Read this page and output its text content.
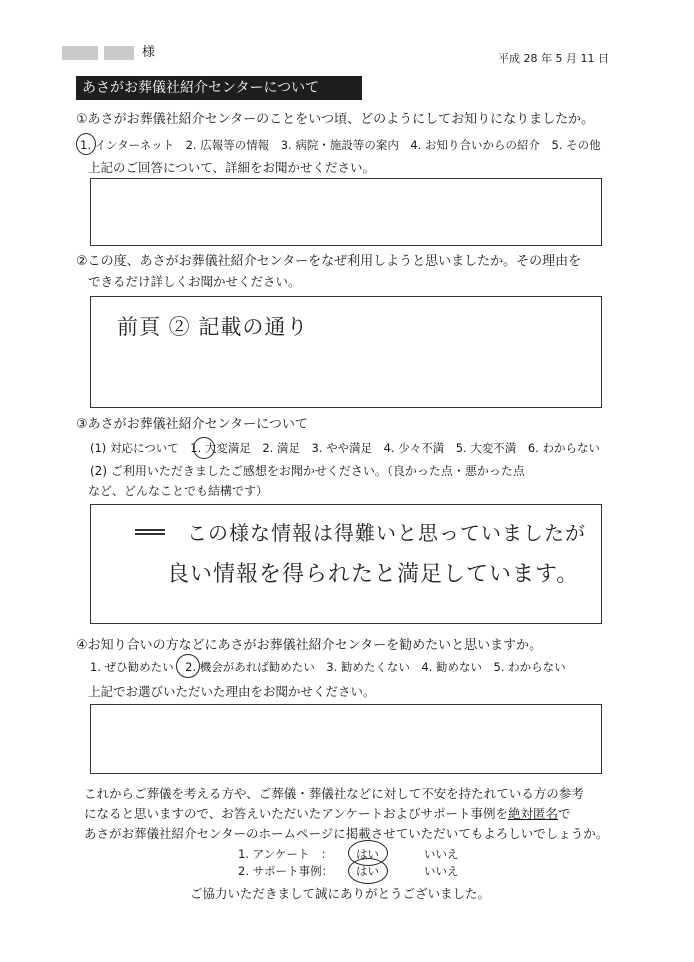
様	平成 28 年 5 月 11 日
あさがお葬儀社紹介センターについて
①あさがお葬儀社紹介センターのことをいつ頃、どのようにしてお知りになりましたか。
1. インターネット　2. 広報等の情報　3. 病院・施設等の案内　4. お知り合いからの紹介　5. その他
上記のご回答について、詳細をお聞かせください。
②この度、あさがお葬儀社紹介センターをなぜ利用しようと思いましたか。その理由を
できるだけ詳しくお聞かせください。
前頁 ② 記載の通り
③あさがお葬儀社紹介センターについて
(1) 対応について　1. 大変満足　2. 満足　3. やや満足　4. 少々不満　5. 大変不満　6. わからない
(2) ご利用いただきましたご感想をお聞かせください。（良かった点・悪かった点
など、どんなことでも結構です）
この様な情報は得難いと思っていましたが
良い情報を得られたと満足しています。
④お知り合いの方などにあさがお葬儀社紹介センターを勧めたいと思いますか。
1. ぜひ勧めたい　2. 機会があれば勧めたい　3. 勧めたくない　4. 勧めない　5. わからない
上記でお選びいただいた理由をお聞かせください。
これからご葬儀を考える方や、ご葬儀・葬儀社などに対して不安を持たれている方の参考
になると思いますので、お答えいただいたアンケートおよびサポート事例を絶対匿名で
あさがお葬儀社紹介センターのホームページに掲載させていただいてもよろしいでしょうか。
1. アンケート　： はい	いいえ
2. サポート事例： はい	いいえ
ご協力いただきまして誠にありがとうございました。
